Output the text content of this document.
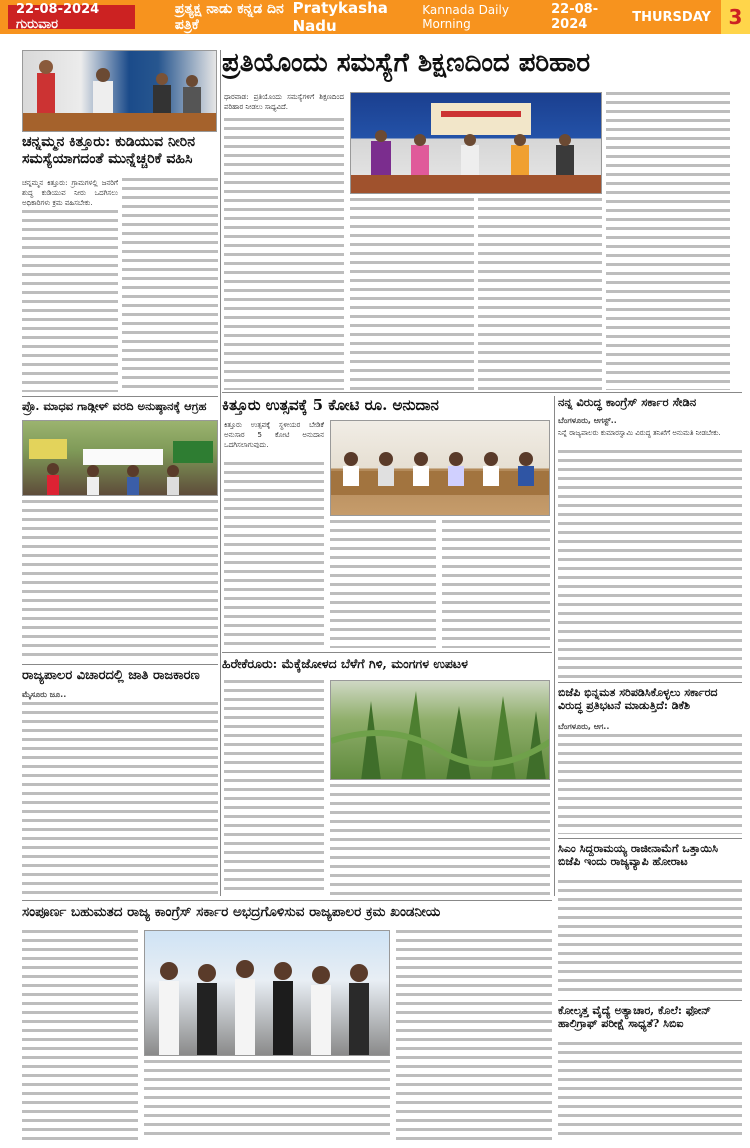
22-08-2024 ಗುರುವಾರ
ಪ್ರತ್ಯಕ್ಷ ನಾಡು ಕನ್ನಡ ದಿನ ಪತ್ರಿಕೆ
Pratykasha Nadu
Kannada Daily Morning
22-08-2024	THURSDAY 3
ಪ್ರತಿಯೊಂದು ಸಮಸ್ಯೆಗೆ ಶಿಕ್ಷಣದಿಂದ ಪರಿಹಾರ
ಚನ್ನಮ್ಮನ ಕಿತ್ತೂರು: ಕುಡಿಯುವ ನೀರಿನ ಸಮಸ್ಯೆಯಾಗದಂತೆ ಮುನ್ನೆಚ್ಚರಿಕೆ ವಹಿಸಿ
ಚನ್ನಮ್ಮನ ಕಿತ್ತೂರು: ಗ್ರಾಮಗಳಲ್ಲಿ ಜನರಿಗೆ ಶುದ್ಧ ಕುಡಿಯುವ ನೀರು ಒದಗಿಸಲು ಅಧಿಕಾರಿಗಳು ಕ್ರಮ ವಹಿಸಬೇಕು.
ಪ್ರೊ. ಮಾಧವ ಗಾಡ್ಗೀಳ್ ವರದಿ ಅನುಷ್ಠಾನಕ್ಕೆ ಆಗ್ರಹ
ರಾಜ್ಯಪಾಲರ ವಿಚಾರದಲ್ಲಿ ಜಾತಿ ರಾಜಕಾರಣ
ಮೈಸೂರು ಜೂ..
ಧಾರವಾಡ: ಪ್ರತಿಯೊಂದು ಸಮಸ್ಯೆಗಳಿಗೆ ಶಿಕ್ಷಣದಿಂದ ಪರಿಹಾರ ನೀಡಲು ಸಾಧ್ಯವಿದೆ.
ಕಿತ್ತೂರು ಉತ್ಸವಕ್ಕೆ 5 ಕೋಟಿ ರೂ. ಅನುದಾನ
ಕಿತ್ತೂರು ಉತ್ಸವಕ್ಕೆ ಸ್ಥಳೀಯರ ಬೇಡಿಕೆ ಅನುಸಾರ 5 ಕೋಟಿ ಅನುದಾನ ಒದಗಿಸಲಾಗುವುದು.
ನನ್ನ ವಿರುದ್ಧ ಕಾಂಗ್ರೆಸ್ ಸರ್ಕಾರ ಸೇಡಿನ
ಬೆಂಗಳೂರು, ಆಗಸ್ಟ್..
ನಿನ್ನೆ ರಾಜ್ಯಪಾಲರು ಕುಮಾರಸ್ವಾಮಿ ವಿರುದ್ಧ ತನಿಖೆಗೆ ಅನುಮತಿ ನೀಡಬೇಕು.
ಹಿರೇಕೆರೂರು: ಮೆಕ್ಕೆಜೋಳದ ಬೆಳೆಗೆ ಗಿಳಿ, ಮಂಗಗಳ ಉಪಟಳ
ಬಿಜೆಪಿ ಭಿನ್ನಮತ ಸರಿಪಡಿಸಿಕೊಳ್ಳಲು ಸರ್ಕಾರದ ವಿರುದ್ಧ ಪ್ರತಿಭಟನೆ ಮಾಡುತ್ತಿದೆ: ಡಿಕೆಶಿ
ಬೆಂಗಳೂರು, ಆಗ..
ಸಂಪೂರ್ಣ ಬಹುಮತದ ರಾಜ್ಯ ಕಾಂಗ್ರೆಸ್ ಸರ್ಕಾರ ಅಭದ್ರಗೊಳಿಸುವ ರಾಜ್ಯಪಾಲರ ಕ್ರಮ ಖಂಡನೀಯ
ಸಿಎಂ ಸಿದ್ದರಾಮಯ್ಯ ರಾಜೀನಾಮೆಗೆ ಒತ್ತಾಯಿಸಿ ಬಿಜೆಪಿ ಇಂದು ರಾಜ್ಯವ್ಯಾಪಿ ಹೋರಾಟ
ಕೋಲ್ಕತ್ತ ವೈದ್ಯೆ ಅತ್ಯಾಚಾರ, ಕೊಲೆ: ಫೋನ್ ಹಾಲಿಗ್ರಾಫ್ ಪರೀಕ್ಷೆ ಸಾಧ್ಯತೆ? ಸಿಬಿಐ
